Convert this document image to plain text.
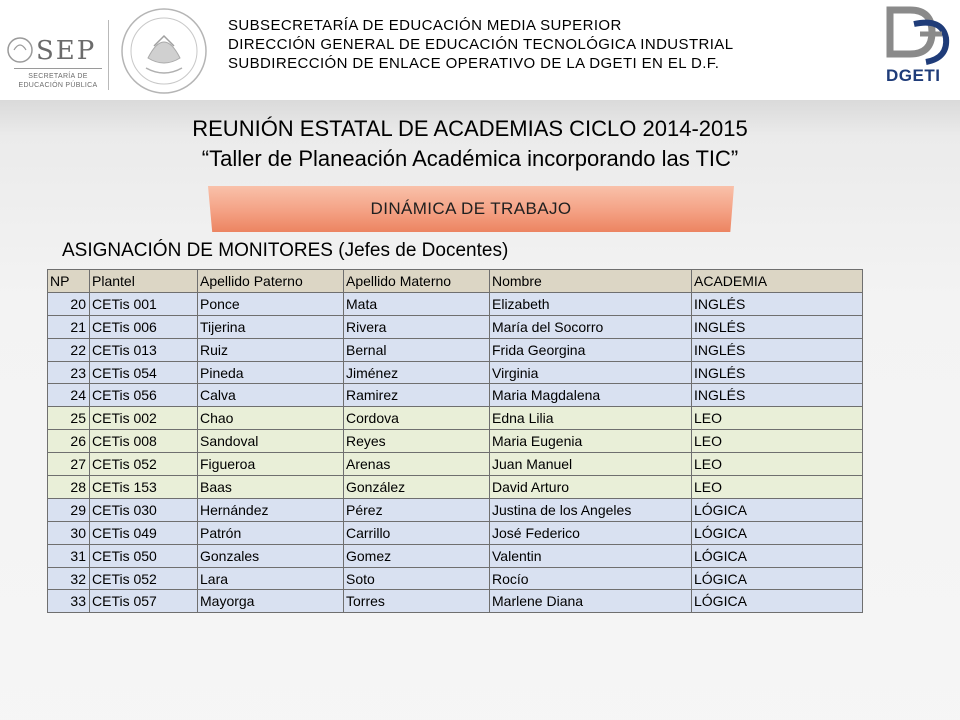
SEP
SECRETARÍA DE
EDUCACIÓN PÚBLICA
SUBSECRETARÍA DE EDUCACIÓN MEDIA SUPERIOR
DIRECCIÓN GENERAL DE EDUCACIÓN TECNOLÓGICA INDUSTRIAL
SUBDIRECCIÓN DE ENLACE OPERATIVO DE LA DGETI EN EL D.F.
DGETI
REUNIÓN ESTATAL DE ACADEMIAS CICLO 2014-2015
“Taller de Planeación Académica incorporando las TIC”
DINÁMICA DE TRABAJO
ASIGNACIÓN DE MONITORES (Jefes de Docentes)
NP	Plantel	Apellido Paterno	Apellido Materno	Nombre	ACADEMIA
20	CETis 001	Ponce	Mata	Elizabeth	INGLÉS
21	CETis 006	Tijerina	Rivera	María del Socorro	INGLÉS
22	CETis 013	Ruiz	Bernal	Frida Georgina	INGLÉS
23	CETis 054	Pineda	Jiménez	Virginia	INGLÉS
24	CETis 056	Calva	Ramirez	Maria Magdalena	INGLÉS
25	CETis 002	Chao	Cordova	Edna Lilia	LEO
26	CETis 008	Sandoval	Reyes	Maria Eugenia	LEO
27	CETis 052	Figueroa	Arenas	Juan Manuel	LEO
28	CETis 153	Baas	González	David Arturo	LEO
29	CETis 030	Hernández	Pérez	Justina de los Angeles	LÓGICA
30	CETis 049	Patrón	Carrillo	José Federico	LÓGICA
31	CETis 050	Gonzales	Gomez	Valentin	LÓGICA
32	CETis 052	Lara	Soto	Rocío	LÓGICA
33	CETis 057	Mayorga	Torres	Marlene Diana	LÓGICA
